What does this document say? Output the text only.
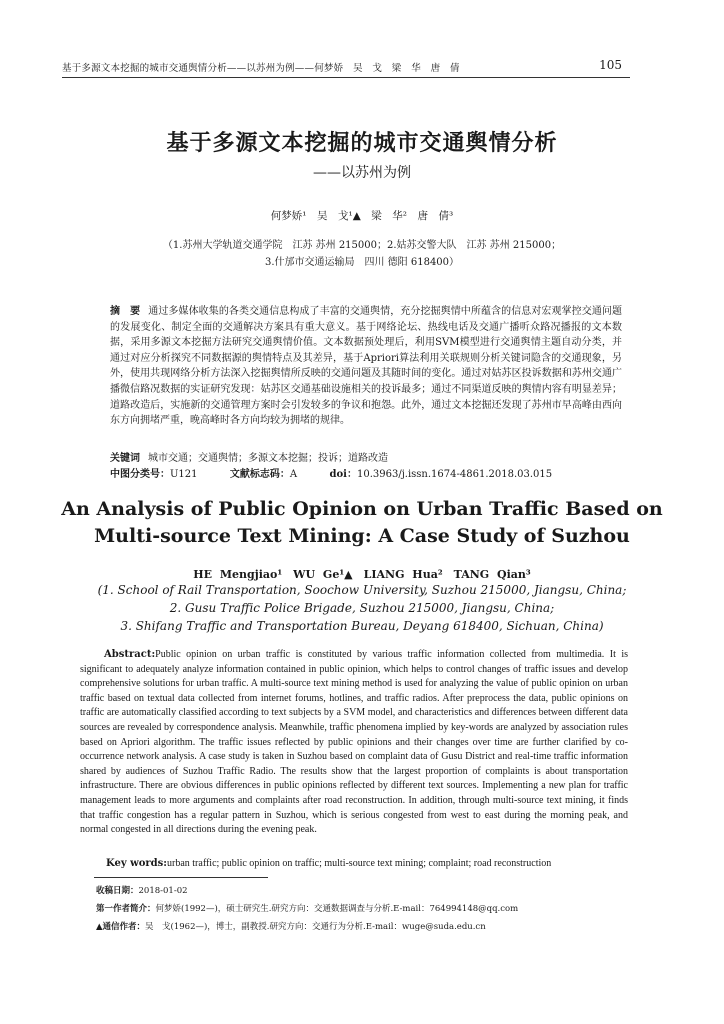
基于多源文本挖掘的城市交通舆情分析——以苏州为例——何梦娇　吴　戈　梁　华　唐　倩	105
基于多源文本挖掘的城市交通舆情分析
——以苏州为例
何梦娇¹　吴　戈¹▲　梁　华²　唐　倩³
（1.苏州大学轨道交通学院　江苏 苏州 215000；2.姑苏交警大队　江苏 苏州 215000；
3.什邡市交通运输局　四川 德阳 618400）
摘　要 通过多媒体收集的各类交通信息构成了丰富的交通舆情，充分挖掘舆情中所蕴含的信息对宏观掌控交通问题的发展变化、制定全面的交通解决方案具有重大意义。基于网络论坛、热线电话及交通广播听众路况播报的文本数据，采用多源文本挖掘方法研究交通舆情价值。文本数据预处理后，利用SVM模型进行交通舆情主题自动分类，并通过对应分析探究不同数据源的舆情特点及其差异，基于Apriori算法利用关联规则分析关键词隐含的交通现象，另外，使用共现网络分析方法深入挖掘舆情所反映的交通问题及其随时间的变化。通过对姑苏区投诉数据和苏州交通广播微信路况数据的实证研究发现：姑苏区交通基础设施相关的投诉最多；通过不同渠道反映的舆情内容有明显差异；道路改造后，实施新的交通管理方案时会引发较多的争议和抱怨。此外，通过文本挖掘还发现了苏州市早高峰由西向东方向拥堵严重，晚高峰时各方向均较为拥堵的规律。
关键词 城市交通；交通舆情；多源文本挖掘；投诉；道路改造
中图分类号：U121	文献标志码：A	doi：10.3963/j.issn.1674-4861.2018.03.015
An Analysis of Public Opinion on Urban Traffic Based on
Multi-source Text Mining: A Case Study of Suzhou
HE Mengjiao¹　WU Ge¹▲　LIANG Hua²　TANG Qian³
(1. School of Rail Transportation, Soochow University, Suzhou 215000, Jiangsu, China;
2. Gusu Traffic Police Brigade, Suzhou 215000, Jiangsu, China;
3. Shifang Traffic and Transportation Bureau, Deyang 618400, Sichuan, China)
Abstract:Public opinion on urban traffic is constituted by various traffic information collected from multimedia. It is significant to adequately analyze information contained in public opinion, which helps to control changes of traffic issues and develop comprehensive solutions for urban traffic. A multi-source text mining method is used for analyzing the value of public opinion on urban traffic based on textual data collected from internet forums, hotlines, and traffic radios. After preprocess the data, public opinions on traffic are automatically classified according to text subjects by a SVM model, and characteristics and differences between different data sources are revealed by correspondence analysis. Meanwhile, traffic phenomena implied by key-words are analyzed by association rules based on Apriori algorithm. The traffic issues reflected by public opinions and their changes over time are further clarified by co-occurrence network analysis. A case study is taken in Suzhou based on complaint data of Gusu District and real-time traffic information shared by audiences of Suzhou Traffic Radio. The results show that the largest proportion of complaints is about transportation infrastructure. There are obvious differences in public opinions reflected by different text sources. Implementing a new plan for traffic management leads to more arguments and complaints after road reconstruction. In addition, through multi-source text mining, it finds that traffic congestion has a regular pattern in Suzhou, which is serious congested from west to east during the morning peak, and normal congested in all directions during the evening peak.
Key words:urban traffic; public opinion on traffic; multi-source text mining; complaint; road reconstruction
收稿日期：2018-01-02
第一作者简介：何梦娇(1992—)，硕士研究生.研究方向：交通数据调查与分析.E-mail：764994148@qq.com
▲通信作者：吴　戈(1962—)，博士，副教授.研究方向：交通行为分析.E-mail：wuge@suda.edu.cn
